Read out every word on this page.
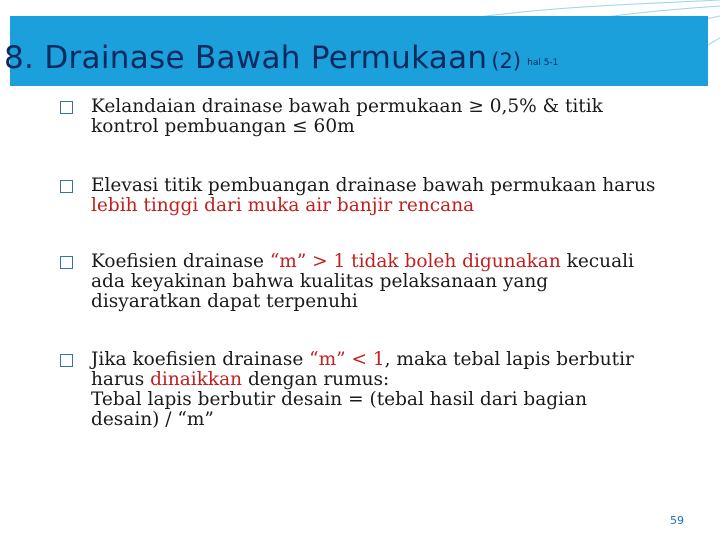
8. Drainase Bawah Permukaan (2) hal 5-1
Kelandaian drainase bawah permukaan ≥ 0,5% & titik
kontrol pembuangan ≤ 60m
Elevasi titik pembuangan drainase bawah permukaan harus
lebih tinggi dari muka air banjir rencana
Koefisien drainase “m” > 1 tidak boleh digunakan kecuali
ada keyakinan bahwa kualitas pelaksanaan yang
disyaratkan dapat terpenuhi
Jika koefisien drainase “m” < 1, maka tebal lapis berbutir
harus dinaikkan dengan rumus:
Tebal lapis berbutir desain = (tebal hasil dari bagian
desain) / “m”
59
